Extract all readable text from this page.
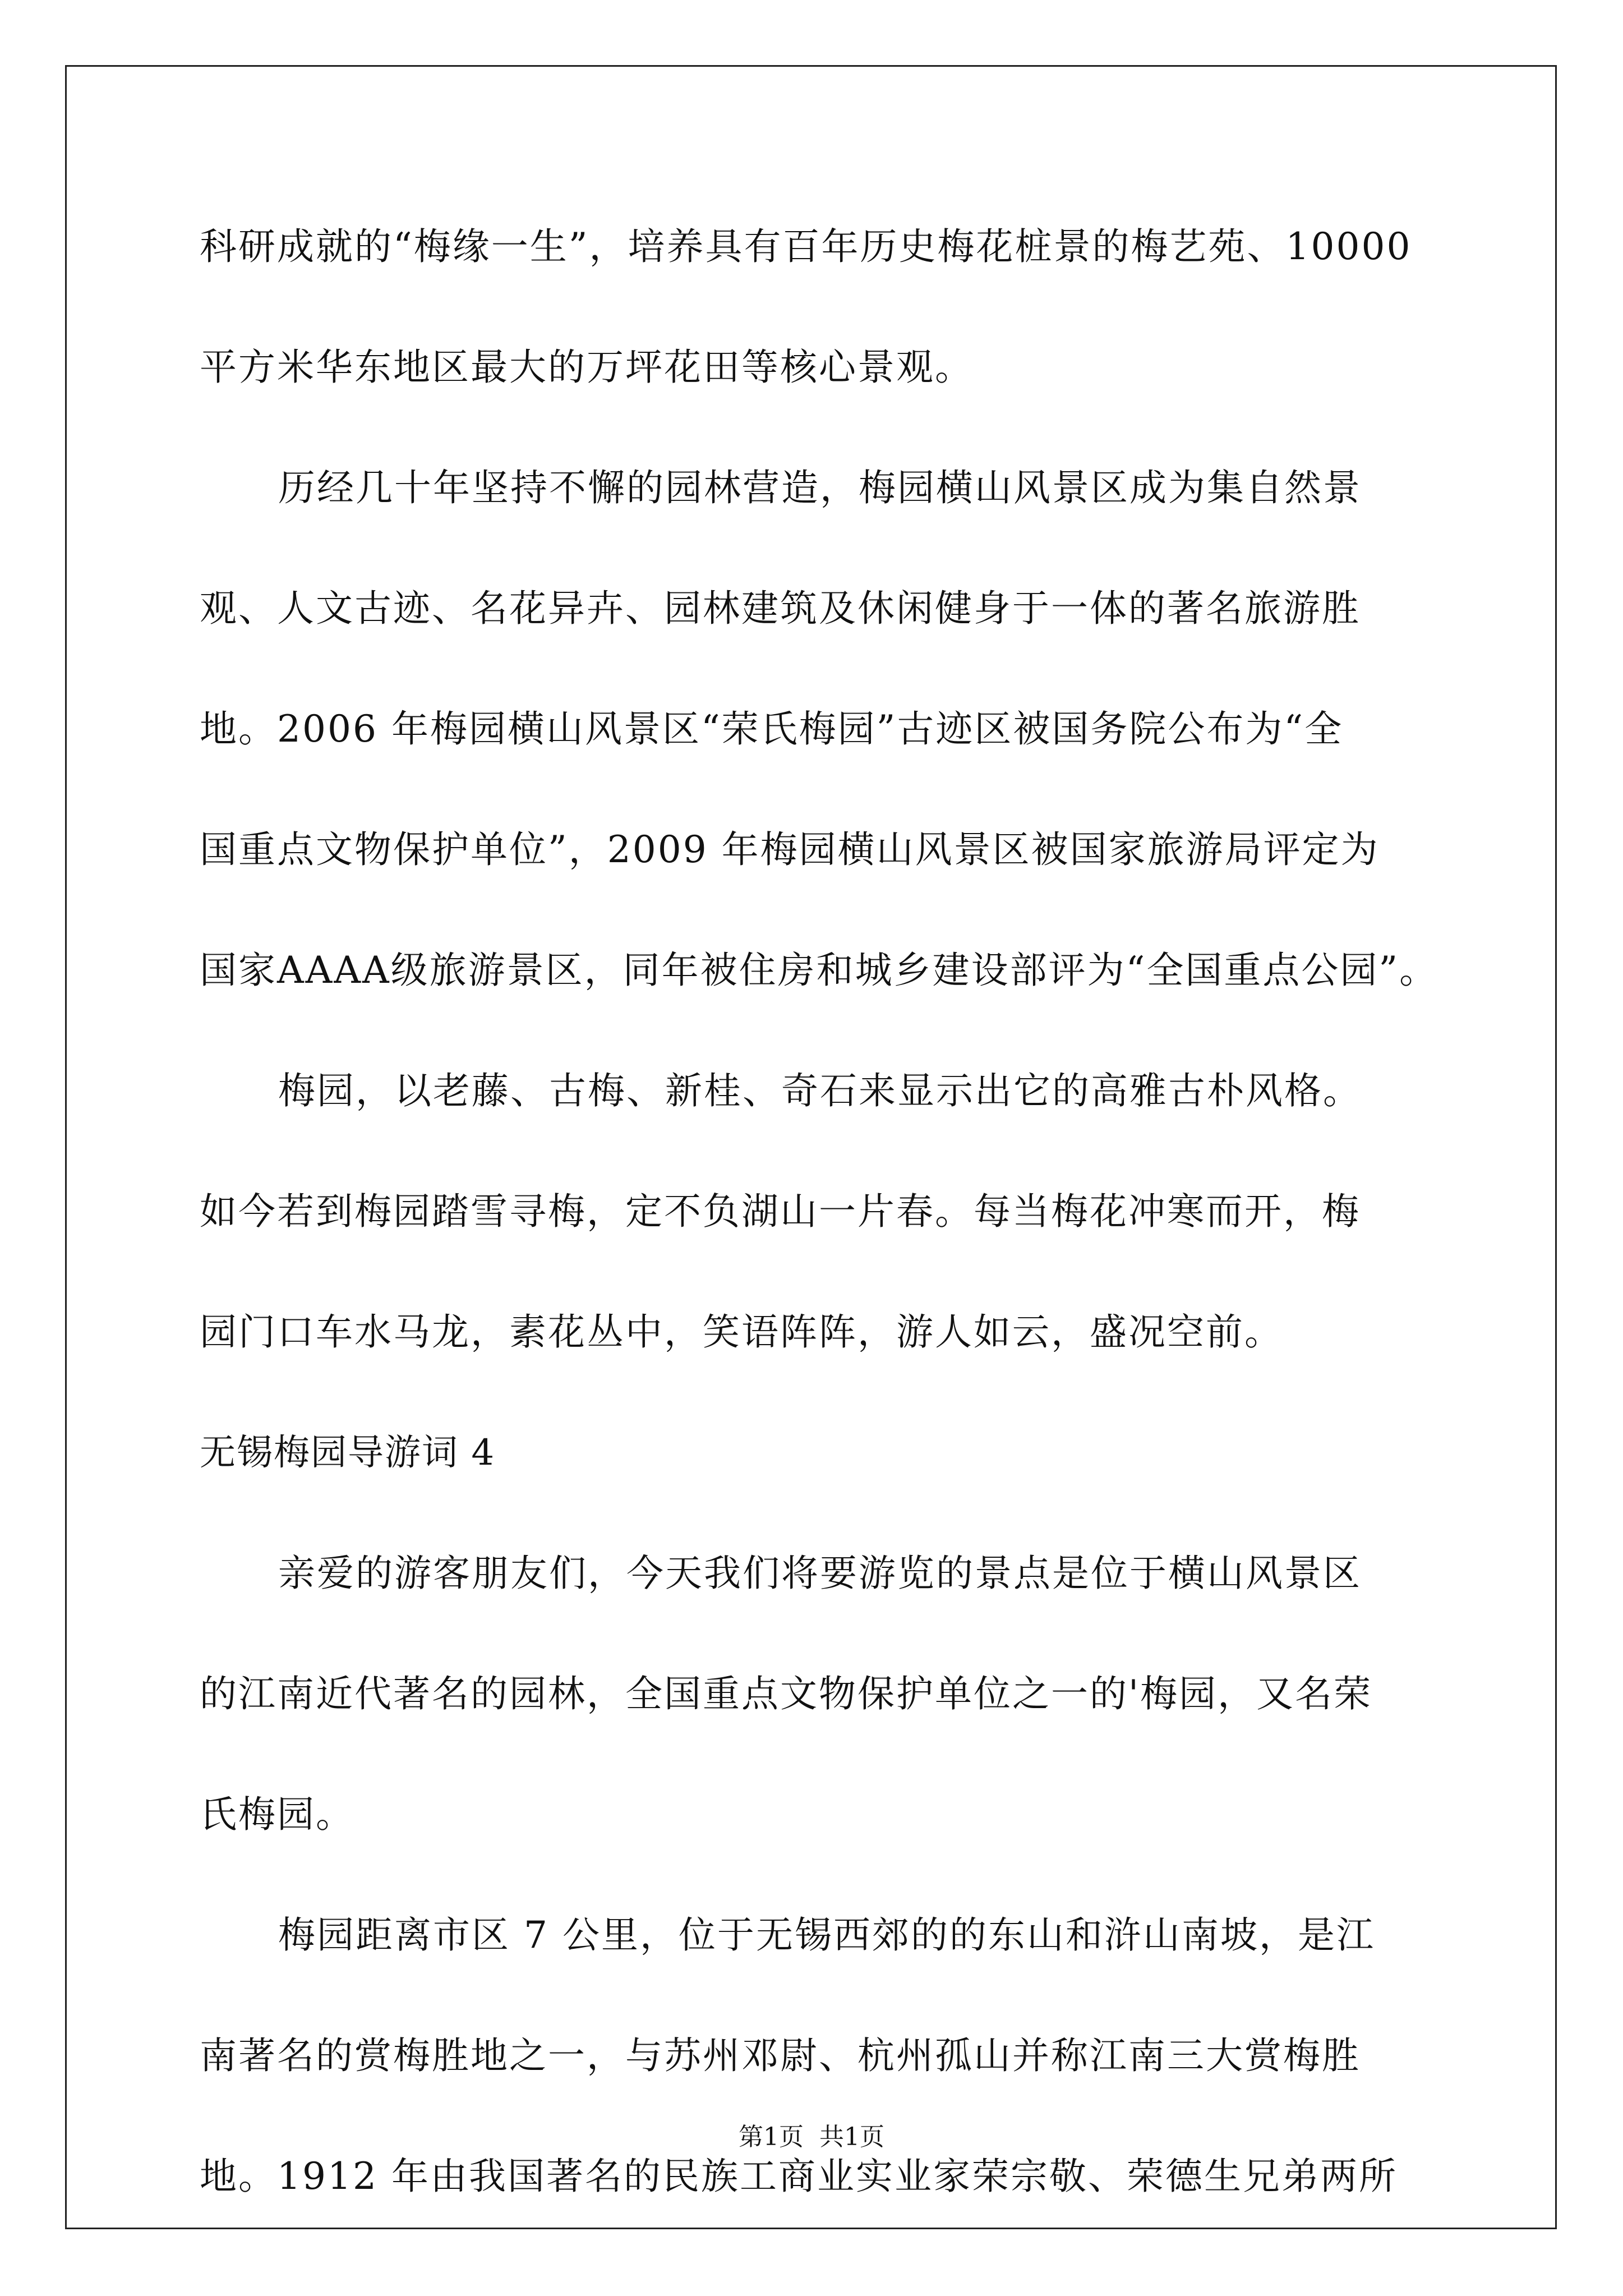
科研成就的“梅缘一生”，培养具有百年历史梅花桩景的梅艺苑、10000
平方米华东地区最大的万坪花田等核心景观。
历经几十年坚持不懈的园林营造，梅园横山风景区成为集自然景
观、人文古迹、名花异卉、园林建筑及休闲健身于一体的著名旅游胜
地。2006 年梅园横山风景区“荣氏梅园”古迹区被国务院公布为“全
国重点文物保护单位”，2009 年梅园横山风景区被国家旅游局评定为
国家AAAA级旅游景区，同年被住房和城乡建设部评为“全国重点公园”。
梅园，以老藤、古梅、新桂、奇石来显示出它的高雅古朴风格。
如今若到梅园踏雪寻梅，定不负湖山一片春。每当梅花冲寒而开，梅
园门口车水马龙，素花丛中，笑语阵阵，游人如云，盛况空前。
无锡梅园导游词 4
亲爱的游客朋友们，今天我们将要游览的景点是位于横山风景区
的江南近代著名的园林，全国重点文物保护单位之一的'梅园，又名荣
氏梅园。
梅园距离市区 7 公里，位于无锡西郊的的东山和浒山南坡，是江
南著名的赏梅胜地之一，与苏州邓尉、杭州孤山并称江南三大赏梅胜
地。1912 年由我国著名的民族工商业实业家荣宗敬、荣德生兄弟两所
第1页  共1页
